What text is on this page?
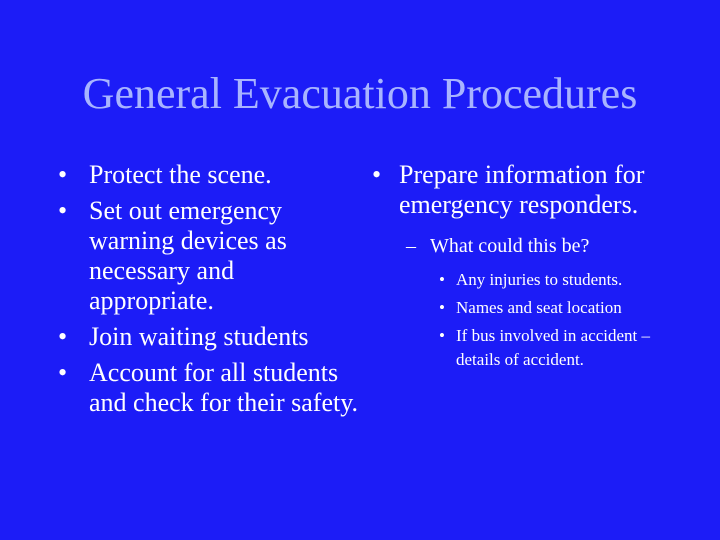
General Evacuation Procedures
• Protect the scene.
• Set out emergency warning devices as necessary and appropriate.
• Join waiting students
• Account for all students and check for their safety.
• Prepare information for emergency responders.
– What could this be?
• Any injuries to students.
• Names and seat location
• If bus involved in accident – details of accident.
